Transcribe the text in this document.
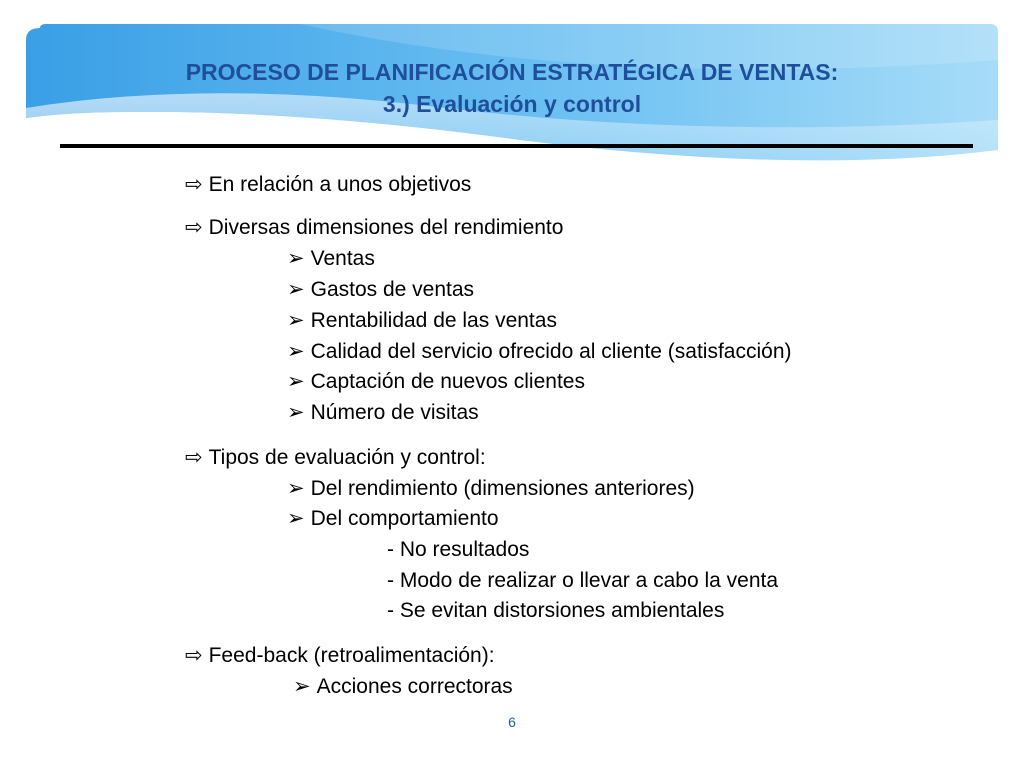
PROCESO DE PLANIFICACIÓN ESTRATÉGICA DE VENTAS:
3.) Evaluación y control
⇨ En relación a unos objetivos
⇨ Diversas dimensiones del rendimiento
➢ Ventas
➢ Gastos de ventas
➢ Rentabilidad de las ventas
➢ Calidad del servicio ofrecido al cliente (satisfacción)
➢ Captación de nuevos clientes
➢ Número de visitas
⇨ Tipos de evaluación y control:
➢ Del rendimiento (dimensiones anteriores)
➢ Del comportamiento
- No resultados
- Modo de realizar o llevar a cabo la venta
- Se evitan distorsiones ambientales
⇨ Feed-back (retroalimentación):
➢ Acciones correctoras
6
